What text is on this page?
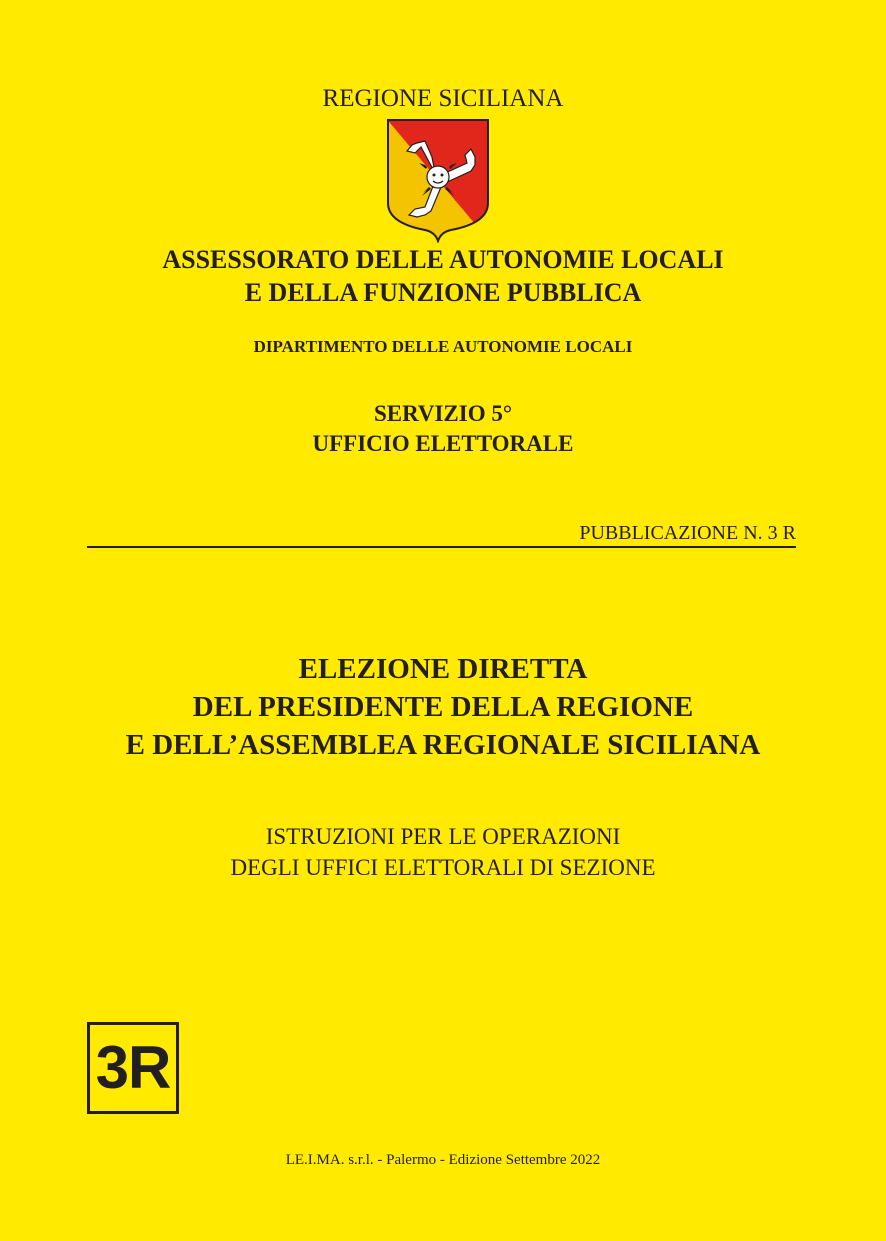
REGIONE SICILIANA
ASSESSORATO DELLE AUTONOMIE LOCALI
E DELLA FUNZIONE PUBBLICA
DIPARTIMENTO DELLE AUTONOMIE LOCALI
SERVIZIO 5°
UFFICIO ELETTORALE
PUBBLICAZIONE N. 3 R
ELEZIONE DIRETTA
DEL PRESIDENTE DELLA REGIONE
E DELL’ASSEMBLEA REGIONALE SICILIANA
ISTRUZIONI PER LE OPERAZIONI
DEGLI UFFICI ELETTORALI DI SEZIONE
3R
LE.I.MA. s.r.l. - Palermo - Edizione Settembre 2022
